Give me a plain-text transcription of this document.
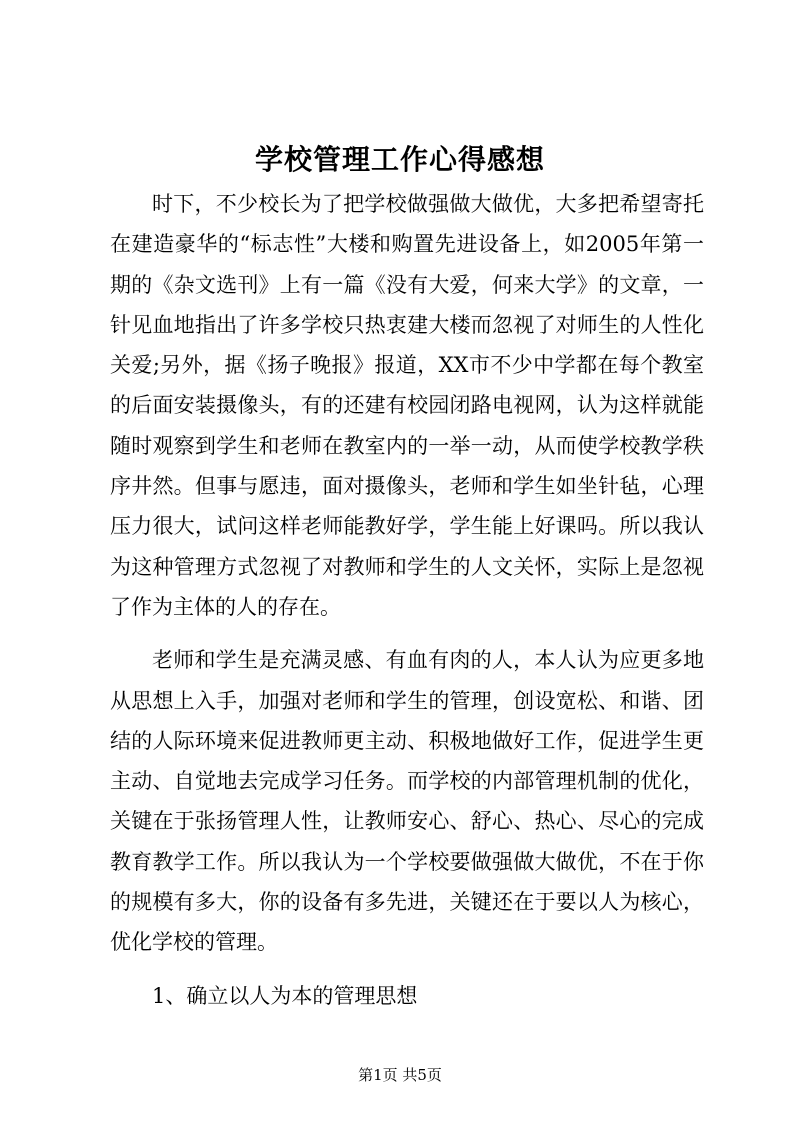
学校管理工作心得感想

时下，不少校长为了把学校做强做大做优，大多把希望寄托在建造豪华的“标志性”大楼和购置先进设备上，如2005年第一期的《杂文选刊》上有一篇《没有大爱，何来大学》的文章，一针见血地指出了许多学校只热衷建大楼而忽视了对师生的人性化关爱;另外，据《扬子晚报》报道，XX市不少中学都在每个教室的后面安装摄像头，有的还建有校园闭路电视网，认为这样就能随时观察到学生和老师在教室内的一举一动，从而使学校教学秩序井然。但事与愿违，面对摄像头，老师和学生如坐针毡，心理压力很大，试问这样老师能教好学，学生能上好课吗。所以我认为这种管理方式忽视了对教师和学生的人文关怀，实际上是忽视了作为主体的人的存在。

老师和学生是充满灵感、有血有肉的人，本人认为应更多地从思想上入手，加强对老师和学生的管理，创设宽松、和谐、团结的人际环境来促进教师更主动、积极地做好工作，促进学生更主动、自觉地去完成学习任务。而学校的内部管理机制的优化，关键在于张扬管理人性，让教师安心、舒心、热心、尽心的完成教育教学工作。所以我认为一个学校要做强做大做优，不在于你的规模有多大，你的设备有多先进，关键还在于要以人为核心，优化学校的管理。

1、确立以人为本的管理思想

第1页 共5页
